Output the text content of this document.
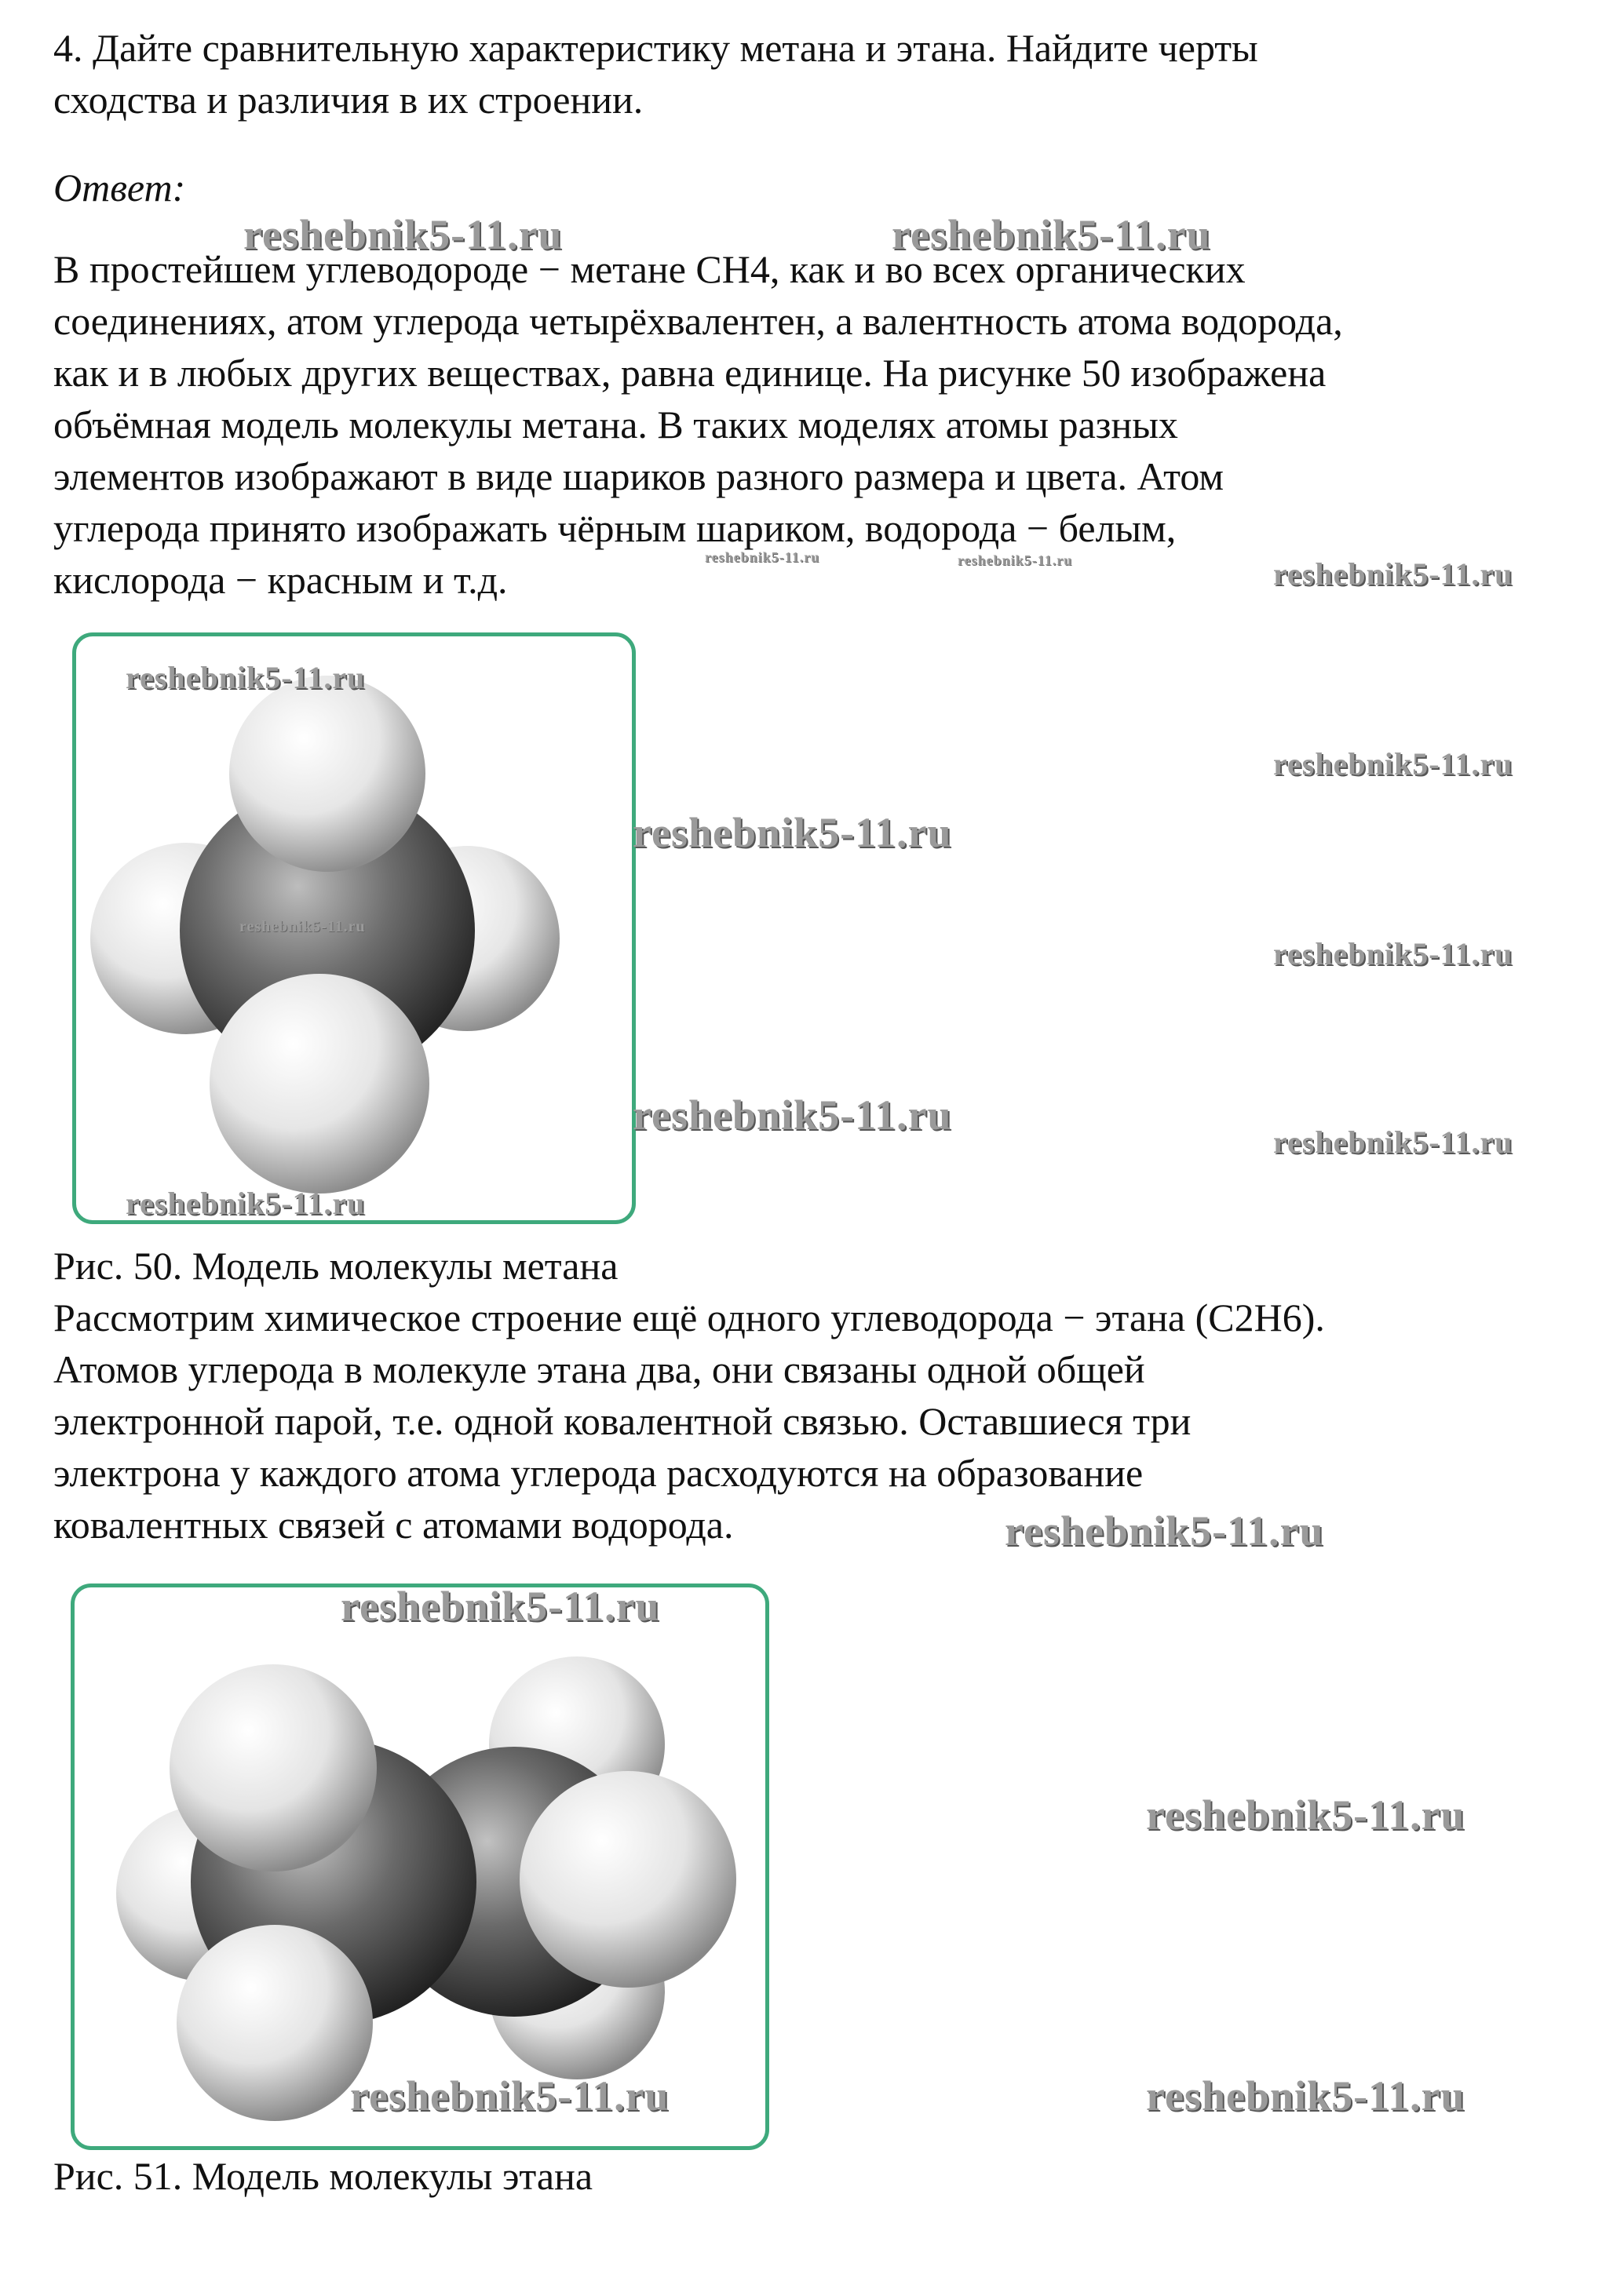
4. Дайте сравнительную характеристику метана и этана. Найдите черты
сходства и различия в их строении.
Ответ:
В простейшем углеводороде − метане CH4, как и во всех органических
соединениях, атом углерода четырёхвалентен, а валентность атома водорода,
как и в любых других веществах, равна единице. На рисунке 50 изображена
объёмная модель молекулы метана. В таких моделях атомы разных
элементов изображают в виде шариков разного размера и цвета. Атом
углерода принято изображать чёрным шариком, водорода − белым,
кислорода − красным и т.д.
Рис. 50. Модель молекулы метана
Рассмотрим химическое строение ещё одного углеводорода − этана (C2H6).
Атомов углерода в молекуле этана два, они связаны одной общей
электронной парой, т.е. одной ковалентной связью. Оставшиеся три
электрона у каждого атома углерода расходуются на образование
ковалентных связей с атомами водорода.
Рис. 51. Модель молекулы этана
reshebnik5-11.ru	reshebnik5-11.ru
reshebnik5-11.ru	reshebnik5-11.ru	reshebnik5-11.ru
reshebnik5-11.ru
reshebnik5-11.ru
reshebnik5-11.ru
reshebnik5-11.ru
reshebnik5-11.ru
reshebnik5-11.ru
reshebnik5-11.ru
reshebnik5-11.ru
reshebnik5-11.ru
reshebnik5-11.ru
reshebnik5-11.ru
reshebnik5-11.ru	reshebnik5-11.ru
